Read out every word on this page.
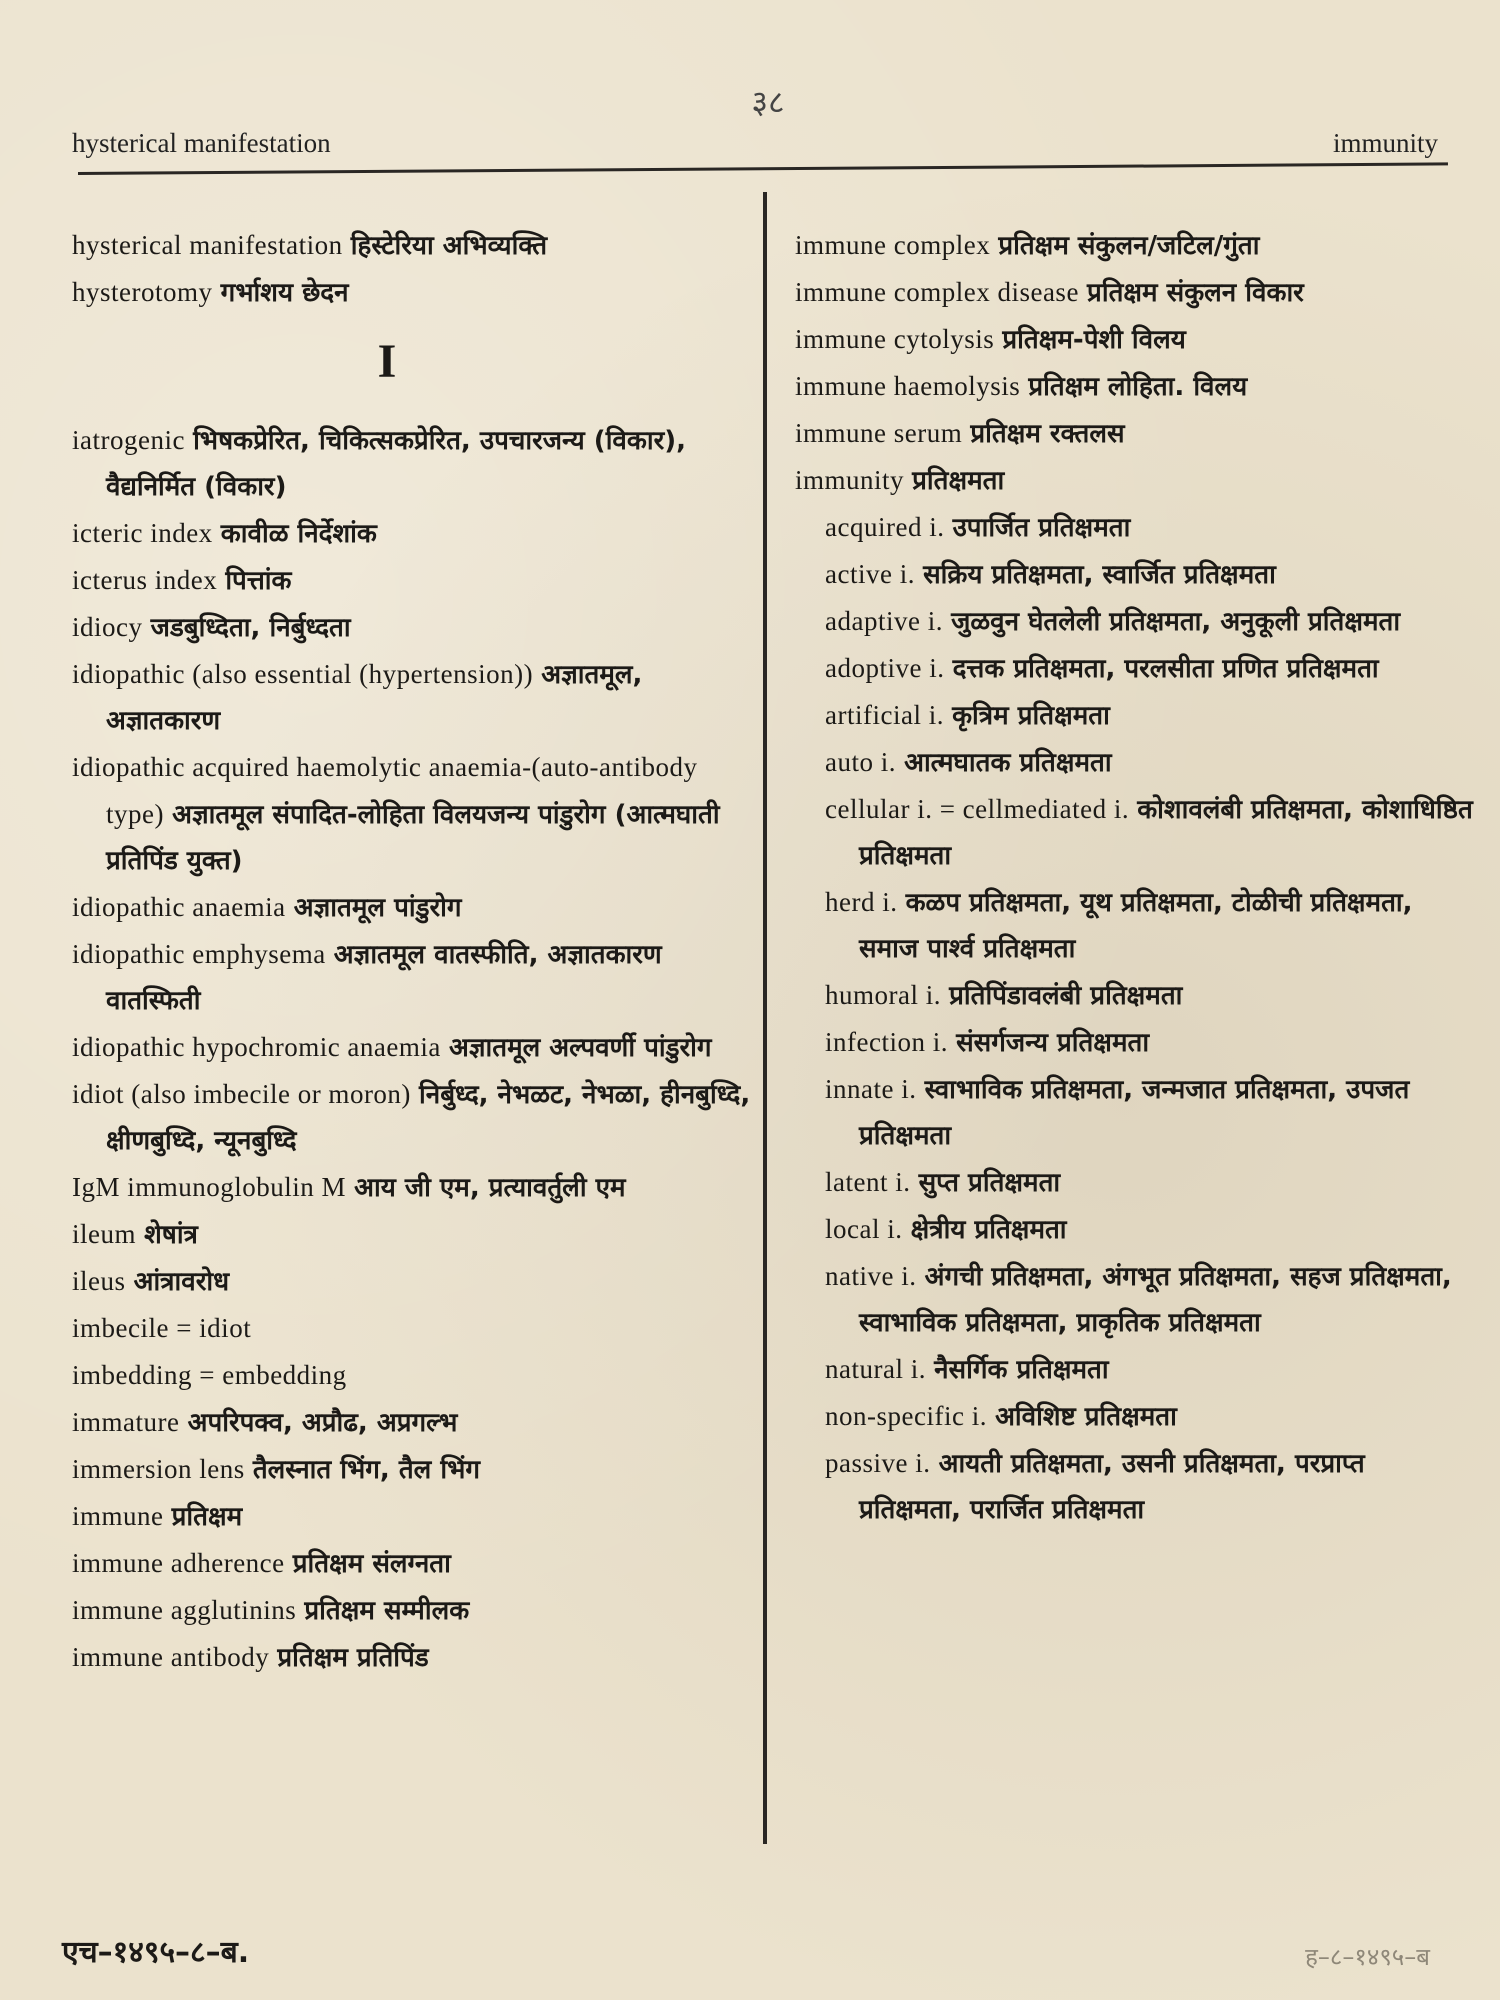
३८
hysterical manifestation	immunity

hysterical manifestation हिस्टेरिया अभिव्यक्ति

hysterotomy गर्भाशय छेदन

I

iatrogenic भिषकप्रेरित, चिकित्सकप्रेरित, उपचारजन्य (विकार), वैद्यनिर्मित (विकार)

icteric index कावीळ निर्देशांक

icterus index पित्तांक

idiocy जडबुध्दिता, निर्बुध्दता

idiopathic (also essential (hypertension)) अज्ञातमूल, अज्ञातकारण

idiopathic acquired haemolytic anaemia-(auto-antibody type) अज्ञातमूल संपादित-लोहिता विलयजन्य पांडुरोग (आत्मघाती प्रतिपिंड युक्त)

idiopathic anaemia अज्ञातमूल पांडुरोग

idiopathic emphysema अज्ञातमूल वातस्फीति, अज्ञातकारण वातस्फिती

idiopathic hypochromic anaemia अज्ञातमूल अल्पवर्णी पांडुरोग

idiot (also imbecile or moron) निर्बुध्द, नेभळट, नेभळा, हीनबुध्दि, क्षीणबुध्दि, न्यूनबुध्दि

IgM immunoglobulin M आय जी एम, प्रत्यावर्तुली एम

ileum शेषांत्र

ileus आंत्रावरोध

imbecile = idiot

imbedding = embedding

immature अपरिपक्व, अप्रौढ, अप्रगल्भ

immersion lens तैलस्नात भिंग, तैल भिंग

immune प्रतिक्षम

immune adherence प्रतिक्षम संलग्नता

immune agglutinins प्रतिक्षम सम्मीलक

immune antibody प्रतिक्षम प्रतिपिंड

immune complex प्रतिक्षम संकुलन/जटिल/गुंता

immune complex disease प्रतिक्षम संकुलन विकार

immune cytolysis प्रतिक्षम-पेशी विलय

immune haemolysis प्रतिक्षम लोहिता. विलय

immune serum प्रतिक्षम रक्तलस

immunity प्रतिक्षमता

acquired i. उपार्जित प्रतिक्षमता

active i. सक्रिय प्रतिक्षमता, स्वार्जित प्रतिक्षमता

adaptive i. जुळवुन घेतलेली प्रतिक्षमता, अनुकूली प्रतिक्षमता

adoptive i. दत्तक प्रतिक्षमता, परलसीता प्रणित प्रतिक्षमता

artificial i. कृत्रिम प्रतिक्षमता

auto i. आत्मघातक प्रतिक्षमता

cellular i. = cellmediated i. कोशावलंबी प्रतिक्षमता, कोशाधिष्ठित प्रतिक्षमता

herd i. कळप प्रतिक्षमता, यूथ प्रतिक्षमता, टोळीची प्रतिक्षमता, समाज पार्श्व प्रतिक्षमता

humoral i. प्रतिपिंडावलंबी प्रतिक्षमता

infection i. संसर्गजन्य प्रतिक्षमता

innate i. स्वाभाविक प्रतिक्षमता, जन्मजात प्रतिक्षमता, उपजत प्रतिक्षमता

latent i. सुप्त प्रतिक्षमता

local i. क्षेत्रीय प्रतिक्षमता

native i. अंगची प्रतिक्षमता, अंगभूत प्रतिक्षमता, सहज प्रतिक्षमता, स्वाभाविक प्रतिक्षमता, प्राकृतिक प्रतिक्षमता

natural i. नैसर्गिक प्रतिक्षमता

non-specific i. अविशिष्ट प्रतिक्षमता

passive i. आयती प्रतिक्षमता, उसनी प्रतिक्षमता, परप्राप्त प्रतिक्षमता, परार्जित प्रतिक्षमता

एच–१४९५–८–ब.	ह–८–१४९५–ब
